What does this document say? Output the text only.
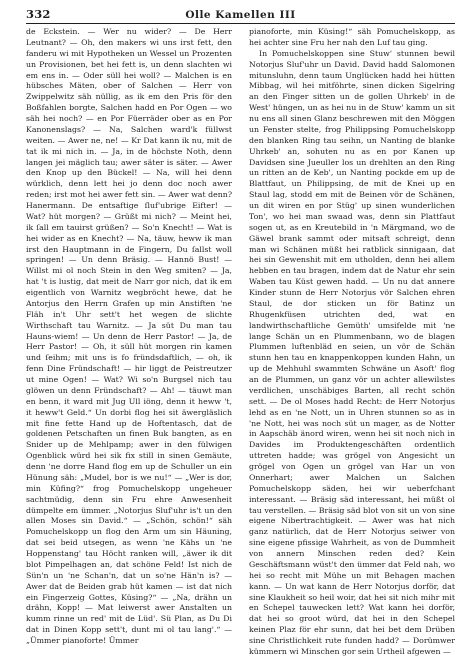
332	Olle Kamellen III

de Eckstein. — Wer nu wider? — De Herr Leutnant? — Oh, den makers wi uns irst fett, den fanderu wi mit Hypotheken un Wessel un Prozenten un Provisionen, bet hei fett is, un denn slachten wi em ens in. — Oder süll hei woll? — Malchen is en hübsches Mäten, ober of Salchen — Herr von Zwippelwitz säh nüllig, as ik em den Pris för den Boßfahlen borgte, Salchen hadd en Por Ogen — wo säh hei noch? — en Por Füerräder ober as en Por Kanonenslags? — Na, Salchen ward'k füllwst weiten. — Awer ne, ne! — Kr Dat kann ik nu, mit de tat ik mi nich in. — Ja, in de höchste Noth, denn langen jei mäglich tau; awer säter is säter. — Awer den Knop up den Bückel! — Na, will hei denn würklich, denn lett hei jo denn doc noch awer reden; irst mot hei awer fett sin. — Awer wat denn? Hanermann. De entsaftige ſluf'ubrige Eifter! — Wat? hüt morgen? — Grüßt mi nich? — Meint hei, ik ſall em tauirst grüßen? — So'n Knecht! — Wat is hei wider as en Knecht? — Na, täuw, heww ik man irst den Hauptmann in de Fingern, Du ſallst woll springen! — Un denn Bräsig. — Hannö Bust! — Willst mi ol noch Stein in den Weg smiten? — Ja, hat 't is lustig, dat meit de Narr gor nich, dat ik em eigentlich von Warnitz wegbröcht hewe, dat he Antorjus den Herrn Grafen up min Anstiften 'ne Fläh in't Uhr sett't het wegen de slichte Wirthschaft tau Warnitz. — Ja süt Du man tau Hauns-wiem! — Un denn de Herr Pastor! — Ja, de Herr Pastor! — Oh, it süll hüt morgen rin kamen und ſeihm; mit uns is fo fründsdaftlich, — oh, ik fenn Dine Fründschaft! — hir liggt de Peistreutzer ut mine Ogen! — Wat? Wi so'n Burgsel nich tau glöwen un denn Fründschaft? — Ah! — täuwt man en benn, it ward mit Jug Ull iöng, denn it heww 't, it heww't Geld.“ Un dorbi flog hei sit äwergläslich mit fine fette Hand up de Hoftentasch, dat de goldenen Petschaften un finen Buk bangten, as en Snider up de Mehlpamp; awer in den fülwigen Ogenblick würd hei sik fix still in sinen Gemäute, denn 'ne dorre Hand flog em up de Schuller un ein Hünung säh: „Mudel, bor is we nu!“ — „Wer is dor, min Küfing?“ frog Pomuchelskopp ungeheuer sachtmüdig, denn sin Fru ehre Anwesenheit dümpelte em ümmer. „Notorjus Sluf'uhr is't un den allen Moses sin David.“ — „Schön, schön!“ säh Pomuchelskopp un flog den Arm um sin Häuning, dat sei beid utsegen, as wenn 'ne Kähs un 'ne Hoppenstang' tau Höcht ranken will, „äwer ik dit blot Pimpelhagen an, dat schöne Feld! Ist nich de Sün'n un 'ne Schan'n, dat un so'ne Hän'n is? — Awer dat de Beiden grab hüt kamen — ist dat nich ein Fingerzeig Gottes, Küsing?“ — „Na, drähn un drähn, Kopp! — Mat leiwerst awer Anstalten un kumm rinne un red' mit de Lüd'. Sü Plan, as Du Di dat in Dinen Kopp sett't, dunt mi ol tau lang'.“ — „Ümmer pianoforte! Ümmer

pianoforte, min Küsing!“ säh Pomuchelskopp, as hei achter sine Fru her nah den Luf tau ging.

In Pomuchelskoppen sine Stuw' stunnen bewil Notorjus Sluf'uhr un David. David hadd Salomonen mitunsluhn, denn taum Unglücken hadd hei hütten Mibbag, wil hei mitföhrte, sinen dicken Sigelring an den Finger sitten un de gollen Uhrkeb' in de West' hüngen, un as hei nu in de Stuw' kamm un sit nu ens all sinen Glanz beschrewen mit den Möggen un Fenster stelte, frog Philippsing Pomuchelskopp den blanken Ring tau seihn, un Nanting de blanke Uhrkeb' an, sohuten nu as en por Kanen up Davidsen sine Jueuller los un drehlten an den Ring un ritten an de Keb', un Nanting pockde em up de Blattfaut, un Philippsing, de mit de Knei up en Staul lag, stodd em mit de Beinen vör de Schänen, un dit wiren en por Stüg' up sinen wunderlichen Ton', wo hei man swaad was, denn sin Plattfaut sogen ut, as en Kreutebild in 'n Märgmand, wo de Gäwel brank sammt oder mitsaft schreigt, denn man wi Schänen müßt hei ratblick sinnigaan, dat hei sin Gewenshit mit em utholden, denn hei allem hebben en tau bragen, indem dat de Natur ehr sein Waben tau Küst gewen hadd. — Un nu dat annere Kinder stunn de Herr Notorjus vör Salchen ehren Staul, de dor sticken un för Batinz un Rhugenkfüsen utrichten ded, wat en landwirthschaftliche Gemüth' umsifelde mit 'ne lange Schän un en Plummenbann, wo de blagen Plummen luftenbläd en seien, un vör de Schän stunn hen tau en knappenkoppen kunden Hahn, un up de Mehhuhl swammten Schwäne un Asoft' flog an de Plummen, un ganz vör un achter allewilstes verdlichen, unschäbiges Barten, all recht schön sett. — De ol Moses hadd Recht: de Herr Notorjus lehd as en 'ne Nott, un in Uhren stunnen so as in 'ne Nott, hei was noch süt un mager, as de Notter in Aapschäb änord wiren, wenn hei sit noch nich in Davides im Produktengeschäften ordentlich uttreten hadde; was grögel von Angesicht un grögel von Ogen un grögel van Har un von Onnerhart; awer Malchen un Salchen Pomuchelskopp säden, hei wir ueberfchant interessant. — Bräsig säd interessant, hei müßt ol tau verstellen. — Bräsig säd blot von sit un von sine eigene Nibertrachtigkeit. — Awer was hat nich ganz natürlich, dat de Herr Notorjus seiwer von sine eigene pfissige Wahrheit, as von de Dummheit von annern Minschen reden ded? Kein Geschäftsmann wüst't den ümmer dat Feld nah, wo hei so recht mit Mühe un mit Behagen machen kann. — Un wat kann de Herr Notorjus dorför, dat sine Klaukheit so heil woir, dat hei sit nich mihr mit en Schepel tauwecken lett? Wat kann hei dorför, dat hei so groot würd, dat hei in den Schepel keinen Plaz för ehr sunn, dat hei bet dem Drüben sine Christlichkeit rute funden hadd? — Dorümwer kümmern wi Minschen gor sein Urtheil afgewen —
